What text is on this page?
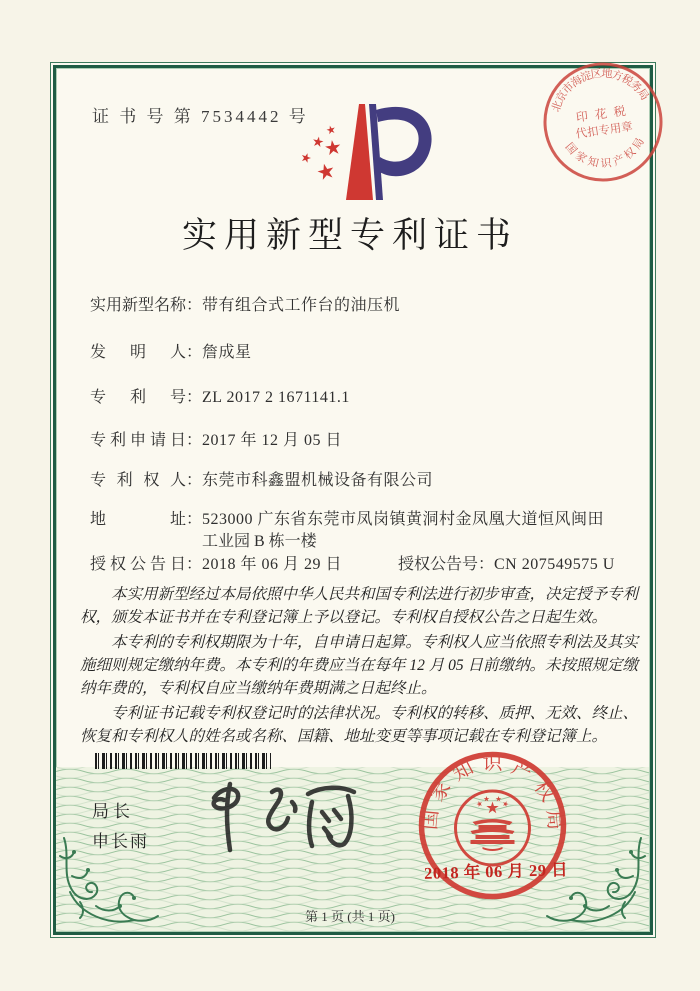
证 书 号 第 7534442 号
北京市海淀区地方税务局
印 花 税
代扣专用章
国家知识产权局
实用新型专利证书
实用新型名称：带有组合式工作台的油压机
发明人：詹成星
专利号：ZL 2017 2 1671141.1
专利申请日：2017 年 12 月 05 日
专利权人：东莞市科鑫盟机械设备有限公司
地址：523000 广东省东莞市凤岗镇黄洞村金凤凰大道恒风闽田
工业园 B 栋一楼
授权公告日：2018 年 06 月 29 日	授权公告号：CN 207549575 U

本实用新型经过本局依照中华人民共和国专利法进行初步审查，决定授予专利权，颁发本证书并在专利登记簿上予以登记。专利权自授权公告之日起生效。

本专利的专利权期限为十年，自申请日起算。专利权人应当依照专利法及其实施细则规定缴纳年费。本专利的年费应当在每年 12 月 05 日前缴纳。未按照规定缴纳年费的，专利权自应当缴纳年费期满之日起终止。

专利证书记载专利权登记时的法律状况。专利权的转移、质押、无效、终止、恢复和专利权人的姓名或名称、国籍、地址变更等事项记载在专利登记簿上。

局长
申长雨
国家知识产权局
2018 年 06 月 29 日
第 1 页 (共 1 页)
